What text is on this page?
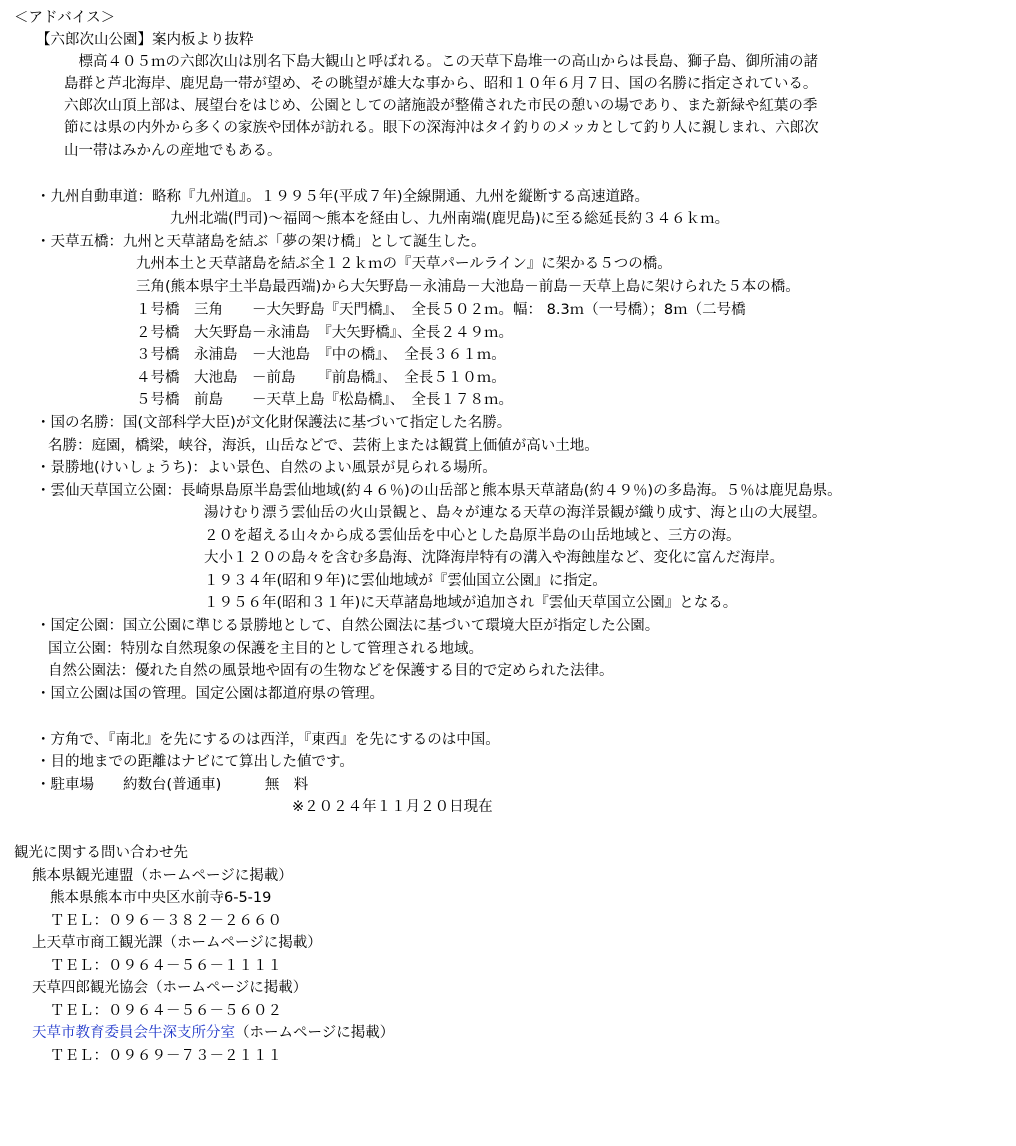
＜アドバイス＞
【六郎次山公園】案内板より抜粋
　標高４０５ｍの六郎次山は別名下島大観山と呼ばれる。この天草下島堆一の高山からは長島、獅子島、御所浦の諸
島群と芦北海岸、鹿児島一帯が望め、その眺望が雄大な事から、昭和１０年６月７日、国の名勝に指定されている。
六郎次山頂上部は、展望台をはじめ、公園としての諸施設が整備された市民の憩いの場であり、また新緑や紅葉の季
節には県の内外から多くの家族や団体が訪れる。眼下の深海沖はタイ釣りのメッカとして釣り人に親しまれ、六郎次
山一帯はみかんの産地でもある。
・九州自動車道：略称『九州道』。１９９５年(平成７年)全線開通、九州を縦断する高速道路。
九州北端(門司)～福岡～熊本を経由し、九州南端(鹿児島)に至る総延長約３４６ｋｍ。
・天草五橋：九州と天草諸島を結ぶ「夢の架け橋」として誕生した。
九州本土と天草諸島を結ぶ全１２ｋｍの『天草パールライン』に架かる５つの橋。
三角(熊本県宇土半島最西端)から大矢野島－永浦島－大池島－前島－天草上島に架けられた５本の橋。
１号橋　三角　　－大矢野島『天門橋』、　全長５０２ｍ。幅： 8.3ｍ（一号橋）；8ｍ（二号橋
２号橋　大矢野島－永浦島　『大矢野橋』、全長２４９ｍ。
３号橋　永浦島　－大池島　『中の橋』、　全長３６１ｍ。
４号橋　大池島　－前島　　『前島橋』、　全長５１０ｍ。
５号橋　前島　　－天草上島『松島橋』、　全長１７８ｍ。
・国の名勝：国(文部科学大臣)が文化財保護法に基づいて指定した名勝。
名勝：庭園，橋梁，峡谷，海浜，山岳などで、芸術上または観賞上価値が高い土地。
・景勝地(けいしょうち)：よい景色、自然のよい風景が見られる場所。
・雲仙天草国立公園：長崎県島原半島雲仙地域(約４６％)の山岳部と熊本県天草諸島(約４９％)の多島海。５％は鹿児島県。
湯けむり漂う雲仙岳の火山景観と、島々が連なる天草の海洋景観が織り成す、海と山の大展望。
２０を超える山々から成る雲仙岳を中心とした島原半島の山岳地域と、三方の海。
大小１２０の島々を含む多島海、沈降海岸特有の溝入や海蝕崖など、変化に富んだ海岸。
１９３４年(昭和９年)に雲仙地域が『雲仙国立公園』に指定。
１９５６年(昭和３１年)に天草諸島地域が追加され『雲仙天草国立公園』となる。
・国定公園：国立公園に準じる景勝地として、自然公園法に基づいて環境大臣が指定した公園。
国立公園：特別な自然現象の保護を主目的として管理される地域。
自然公園法：優れた自然の風景地や固有の生物などを保護する目的で定められた法律。
・国立公園は国の管理。国定公園は都道府県の管理。
・方角で、『南北』を先にするのは西洋，『東西』を先にするのは中国。
・目的地までの距離はナビにて算出した値です。
・駐車場　　約数台(普通車)　　　無　料
※２０２４年１１月２０日現在
観光に関する問い合わせ先
熊本県観光連盟（ホームページに掲載）
熊本県熊本市中央区水前寺6-5-19
ＴＥＬ：０９６－３８２－２６６０
上天草市商工観光課（ホームページに掲載）
ＴＥＬ：０９６４－５６－１１１１
天草四郎観光協会（ホームページに掲載）
ＴＥＬ：０９６４－５６－５６０２
天草市教育委員会牛深支所分室（ホームページに掲載）
ＴＥＬ：０９６９－７３－２１１１
